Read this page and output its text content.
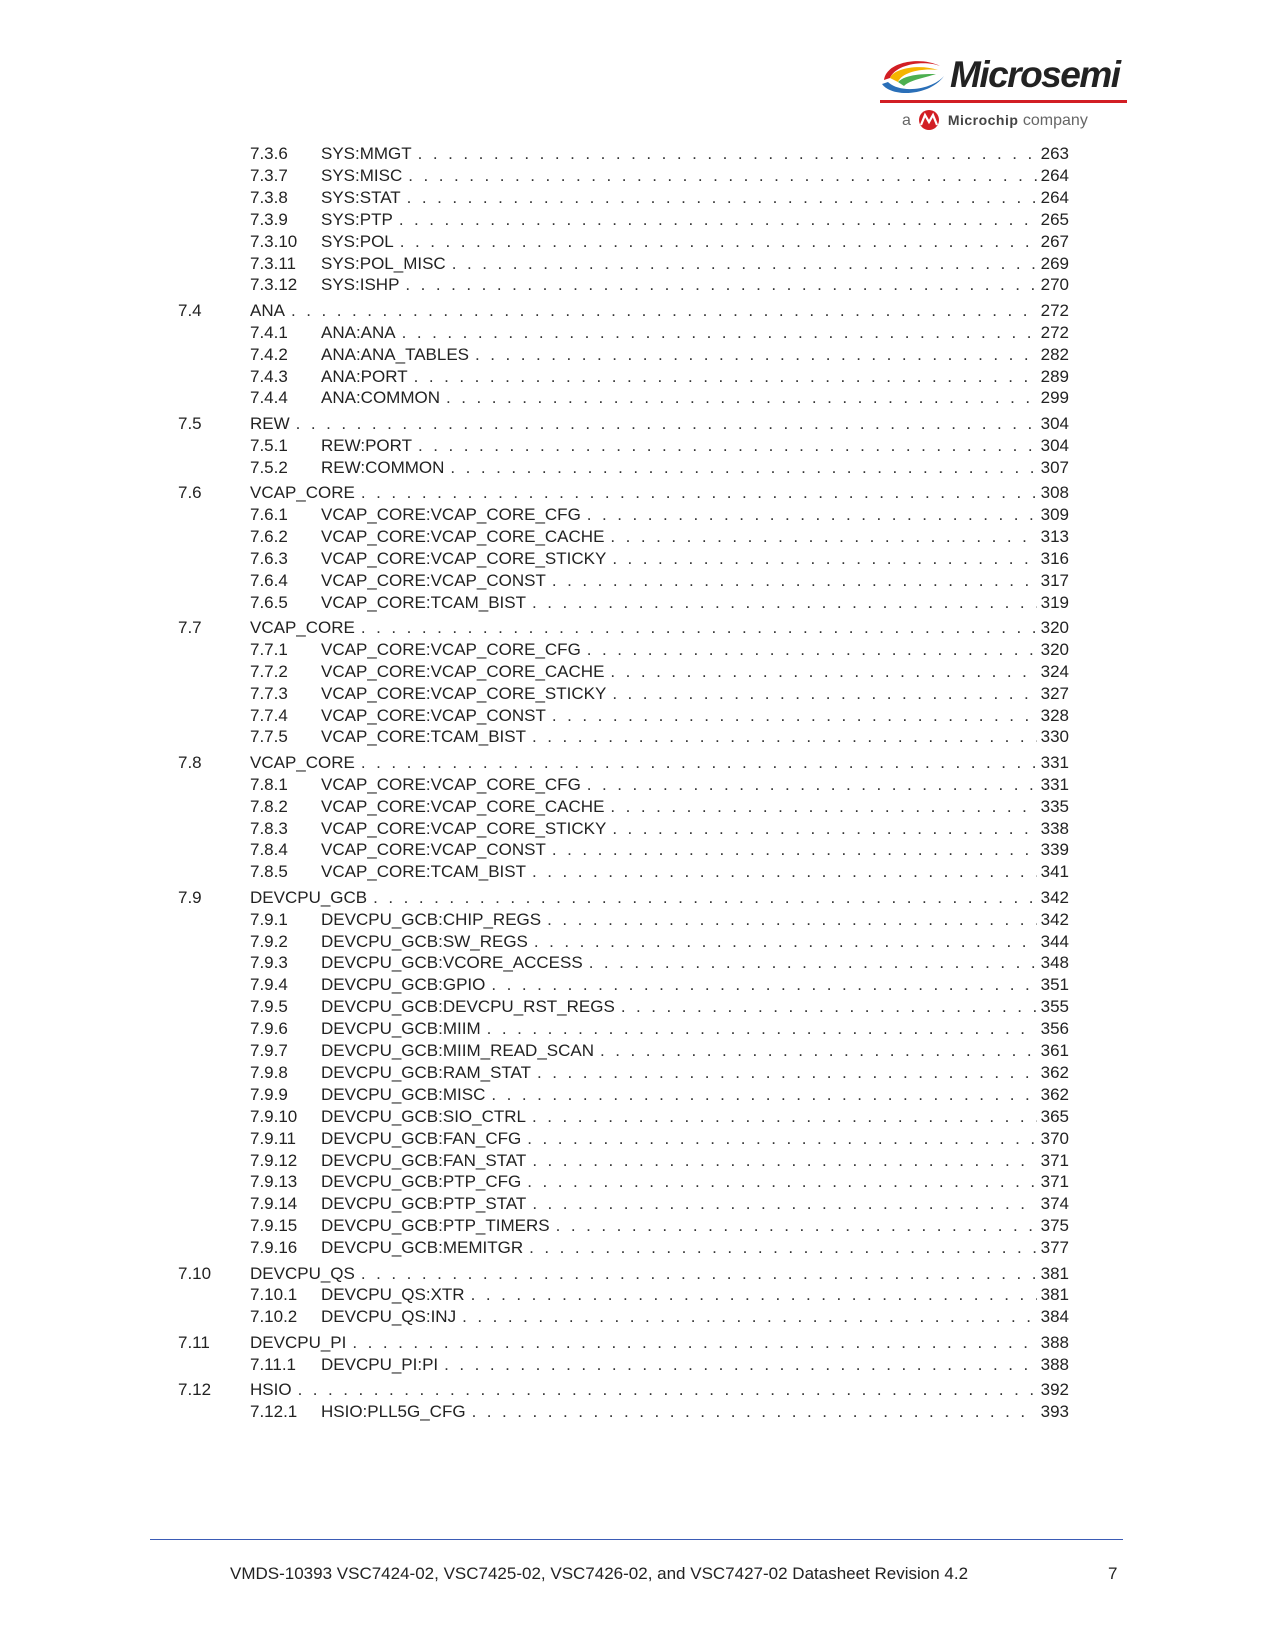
Microsemi
a	Microchip company
7.3.6 SYS:MMGT . . .	263
7.3.7 SYS:MISC . . .	264
7.3.8 SYS:STAT . . .	264
7.3.9 SYS:PTP . . .	265
7.3.10 SYS:POL . . .	267
7.3.11 SYS:POL_MISC . . .	269
7.3.12 SYS:ISHP . . .	270
7.4	ANA . . .	272
7.4.1 ANA:ANA . . .	272
7.4.2 ANA:ANA_TABLES . . .	282
7.4.3 ANA:PORT . . .	289
7.4.4 ANA:COMMON . . .	299
7.5	REW . . .	304
7.5.1 REW:PORT . . .	304
7.5.2 REW:COMMON . . .	307
7.6	VCAP_CORE . . .	308
7.6.1 VCAP_CORE:VCAP_CORE_CFG . . .	309
7.6.2 VCAP_CORE:VCAP_CORE_CACHE . . .	313
7.6.3 VCAP_CORE:VCAP_CORE_STICKY . . .	316
7.6.4 VCAP_CORE:VCAP_CONST . . .	317
7.6.5 VCAP_CORE:TCAM_BIST . . .	319
7.7	VCAP_CORE . . .	320
7.7.1 VCAP_CORE:VCAP_CORE_CFG . . .	320
7.7.2 VCAP_CORE:VCAP_CORE_CACHE . . .	324
7.7.3 VCAP_CORE:VCAP_CORE_STICKY . . .	327
7.7.4 VCAP_CORE:VCAP_CONST . . .	328
7.7.5 VCAP_CORE:TCAM_BIST . . .	330
7.8	VCAP_CORE . . .	331
7.8.1 VCAP_CORE:VCAP_CORE_CFG . . .	331
7.8.2 VCAP_CORE:VCAP_CORE_CACHE . . .	335
7.8.3 VCAP_CORE:VCAP_CORE_STICKY . . .	338
7.8.4 VCAP_CORE:VCAP_CONST . . .	339
7.8.5 VCAP_CORE:TCAM_BIST . . .	341
7.9	DEVCPU_GCB . . .	342
7.9.1 DEVCPU_GCB:CHIP_REGS . . .	342
7.9.2 DEVCPU_GCB:SW_REGS . . .	344
7.9.3 DEVCPU_GCB:VCORE_ACCESS . . .	348
7.9.4 DEVCPU_GCB:GPIO . . .	351
7.9.5 DEVCPU_GCB:DEVCPU_RST_REGS . . .	355
7.9.6 DEVCPU_GCB:MIIM . . .	356
7.9.7 DEVCPU_GCB:MIIM_READ_SCAN . . .	361
7.9.8 DEVCPU_GCB:RAM_STAT . . .	362
7.9.9 DEVCPU_GCB:MISC . . .	362
7.9.10 DEVCPU_GCB:SIO_CTRL . . .	365
7.9.11 DEVCPU_GCB:FAN_CFG . . .	370
7.9.12 DEVCPU_GCB:FAN_STAT . . .	371
7.9.13 DEVCPU_GCB:PTP_CFG . . .	371
7.9.14 DEVCPU_GCB:PTP_STAT . . .	374
7.9.15 DEVCPU_GCB:PTP_TIMERS . . .	375
7.9.16 DEVCPU_GCB:MEMITGR . . .	377
7.10 DEVCPU_QS . . .	381
7.10.1 DEVCPU_QS:XTR . . .	381
7.10.2 DEVCPU_QS:INJ . . .	384
7.11 DEVCPU_PI . . .	388
7.11.1 DEVCPU_PI:PI . . .	388
7.12 HSIO . . .	392
7.12.1 HSIO:PLL5G_CFG . . .	393
VMDS-10393 VSC7424-02, VSC7425-02, VSC7426-02, and VSC7427-02 Datasheet Revision 4.2	7
